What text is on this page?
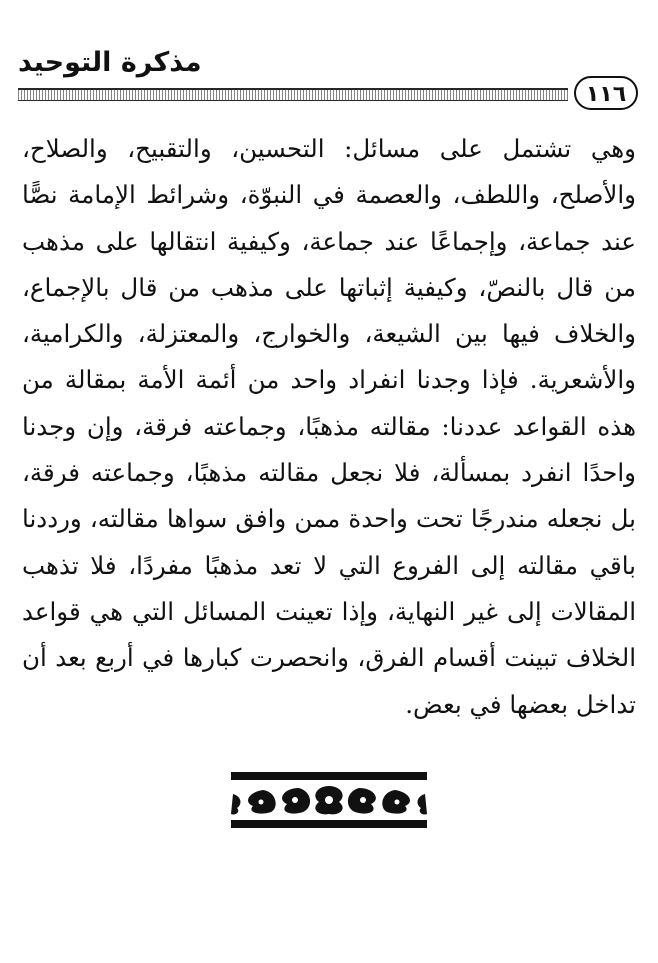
مذكرة التوحيد
١١٦

وهي تشتمل على مسائل: التحسين، والتقبيح، والصلاح، والأصلح، واللطف، والعصمة في النبوّة، وشرائط الإمامة نصًّا عند جماعة، وإجماعًا عند جماعة، وكيفية انتقالها على مذهب من قال بالنصّ، وكيفية إثباتها على مذهب من قال بالإجماع، والخلاف فيها بين الشيعة، والخوارج، والمعتزلة، والكرامية، والأشعرية. فإذا وجدنا انفراد واحد من أئمة الأمة بمقالة من هذه القواعد عددنا: مقالته مذهبًا، وجماعته فرقة، وإن وجدنا واحدًا انفرد بمسألة، فلا نجعل مقالته مذهبًا، وجماعته فرقة، بل نجعله مندرجًا تحت واحدة ممن وافق سواها مقالته، ورددنا باقي مقالته إلى الفروع التي لا تعد مذهبًا مفردًا، فلا تذهب المقالات إلى غير النهاية، وإذا تعينت المسائل التي هي قواعد الخلاف تبينت أقسام الفرق، وانحصرت كبارها في أربع بعد أن تداخل بعضها في بعض.
